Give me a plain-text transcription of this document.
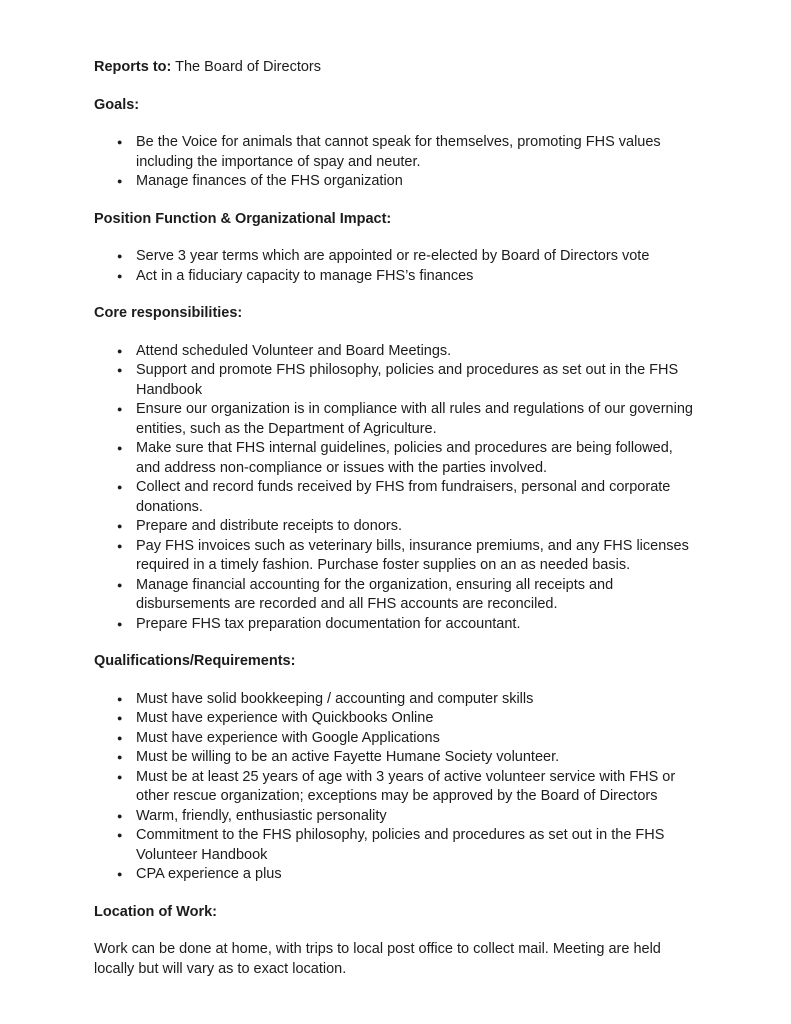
Reports to: The Board of Directors

Goals:
● Be the Voice for animals that cannot speak for themselves, promoting FHS values including the importance of spay and neuter.
● Manage finances of the FHS organization
Position Function & Organizational Impact:
● Serve 3 year terms which are appointed or re-elected by Board of Directors vote
● Act in a fiduciary capacity to manage FHS’s finances
Core responsibilities:
● Attend scheduled Volunteer and Board Meetings.
● Support and promote FHS philosophy, policies and procedures as set out in the FHS Handbook
● Ensure our organization is in compliance with all rules and regulations of our governing entities, such as the Department of Agriculture.
● Make sure that FHS internal guidelines, policies and procedures are being followed, and address non-compliance or issues with the parties involved.
● Collect and record funds received by FHS from fundraisers, personal and corporate donations.
● Prepare and distribute receipts to donors.
● Pay FHS invoices such as veterinary bills, insurance premiums, and any FHS licenses required in a timely fashion. Purchase foster supplies on an as needed basis.
● Manage financial accounting for the organization, ensuring all receipts and disbursements are recorded and all FHS accounts are reconciled.
● Prepare FHS tax preparation documentation for accountant.
Qualifications/Requirements:
● Must have solid bookkeeping / accounting and computer skills
● Must have experience with Quickbooks Online
● Must have experience with Google Applications
● Must be willing to be an active Fayette Humane Society volunteer.
● Must be at least 25 years of age with 3 years of active volunteer service with FHS or other rescue organization; exceptions may be approved by the Board of Directors
● Warm, friendly, enthusiastic personality
● Commitment to the FHS philosophy, policies and procedures as set out in the FHS Volunteer Handbook
● CPA experience a plus
Location of Work:

Work can be done at home, with trips to local post office to collect mail. Meeting are held locally but will vary as to exact location.
